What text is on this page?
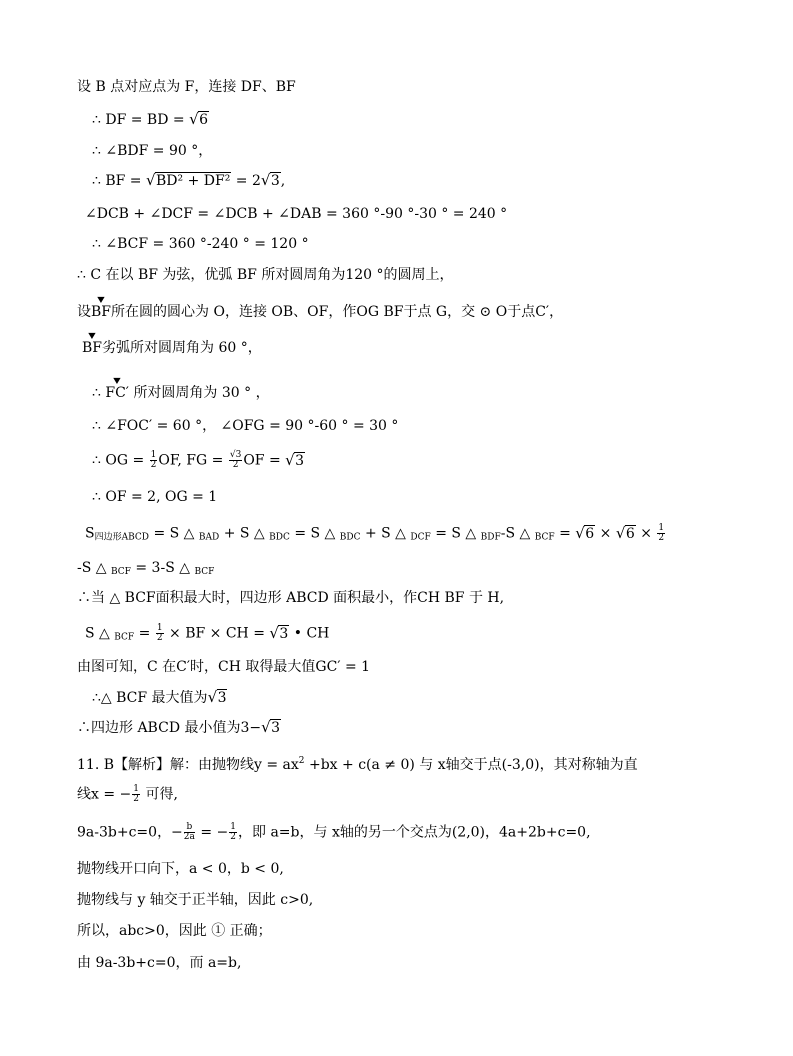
设 B 点对应点为 F，连接 DF、BF
∴ DF = BD = √ 6
∴ ∠BDF = 90 °，
∴ BF = √ BD² + DF² = 2 √ 3,
∠DCB + ∠DCF = ∠DCB + ∠DAB = 360 °-90 °-30 ° = 240 °
∴ ∠BCF = 360 °-240 ° = 120 °
∴ C 在以 BF 为弦，优弧 BF 所对圆周角为120 °的圆周上，
设BF ▼所在圆的圆心为 O，连接 OB、OF，作OG BF于点 G，交 ⊙ O于点C′，
BF ▼劣弧所对圆周角为 60 °，
∴ FC′ ▼ 所对圆周角为 30 ° ，
∴ ∠FOC′ = 60 °， ∠OFG = 90 °-60 ° = 30 °
∴ OG = $\frac{1}{2}$ OF, FG = $\frac{√3}{2}$ OF = √ 3
∴ OF = 2, OG = 1
$S_{四边形ABCD} = S$ △ $_{BAD}$ + S △ $_{BDC}$ = S △ $_{BDC}$ + S △ $_{DCF}$ = S △ $_{BDF}$-S △ $_{BCF}$ = √ 6 × √ $6 \times \frac{1}{2}$
-S △ $_{BCF}$ = 3-S △ $_{BCF}$
∴当 △ BCF面积最大时，四边形 ABCD 面积最小，作CH BF 于 H,
S △ $_{BCF} = \frac{1}{2}$ × BF × CH = √ 3 • CH
由图可知，C 在C′时，CH 取得最大值GC′ = 1
∴△ BCF 最大值为 √ 3
∴四边形 ABCD 最小值为3− √ 3
11. B【解析】解：由抛物线$y = ax^2 +bx + c(a \ne 0)$ 与 x轴交于点(-3,0)，其对称轴为直
线x = − $\frac{1}{2}$ 可得,
9a-3b+c=0，− $\frac{b}{2a}$ = − $\frac{1}{2}$ ，即 a=b，与 x轴的另一个交点为(2,0)，4a+2b+c=0,
抛物线开口向下，a < 0，b < 0,
抛物线与 y 轴交于正半轴，因此 c>0,
所以，abc>0，因此 ① 正确；
由 9a-3b+c=0，而 a=b,
